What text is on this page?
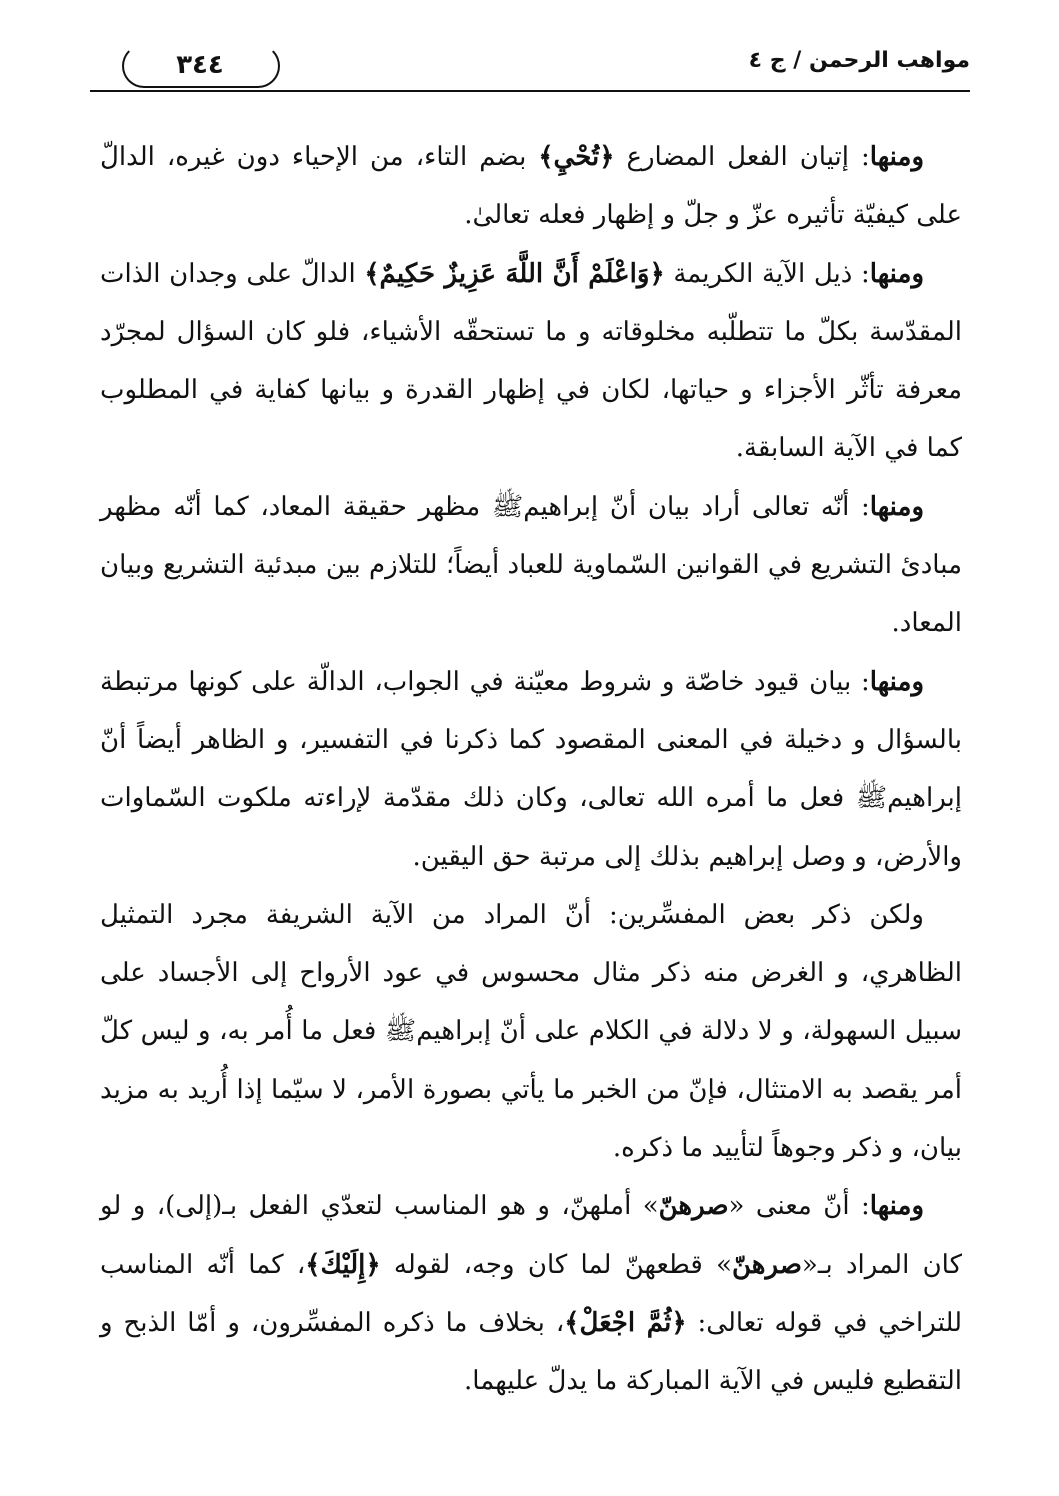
مواهب الرحمن / ج ٤
٣٤٤

ومنها: إتيان الفعل المضارع ﴿تُحْيِ﴾ بضم التاء، من الإحياء دون غيره، الدالّ على كيفيّة تأثيره عزّ و جلّ و إظهار فعله تعالىٰ.

ومنها: ذيل الآية الكريمة ﴿وَاعْلَمْ أَنَّ اللَّهَ عَزِيزٌ حَكِيمٌ﴾ الدالّ على وجدان الذات المقدّسة بكلّ ما تتطلّبه مخلوقاته و ما تستحقّه الأشياء، فلو كان السؤال لمجرّد معرفة تأثّر الأجزاء و حياتها، لكان في إظهار القدرة و بيانها كفاية في المطلوب كما في الآية السابقة.

ومنها: أنّه تعالى أراد بيان أنّ إبراهيمﷺ مظهر حقيقة المعاد، كما أنّه مظهر مبادئ التشريع في القوانين السّماوية للعباد أيضاً؛ للتلازم بين مبدئية التشريع وبيان المعاد.

ومنها: بيان قيود خاصّة و شروط معيّنة في الجواب، الدالّة على كونها مرتبطة بالسؤال و دخيلة في المعنى المقصود كما ذكرنا في التفسير، و الظاهر أيضاً أنّ إبراهيمﷺ فعل ما أمره الله تعالى، وكان ذلك مقدّمة لإراءته ملكوت السّماوات والأرض، و وصل إبراهيم بذلك إلى مرتبة حق اليقين.

ولكن ذكر بعض المفسِّرين: أنّ المراد من الآية الشريفة مجرد التمثيل الظاهري، و الغرض منه ذكر مثال محسوس في عود الأرواح إلى الأجساد على سبيل السهولة، و لا دلالة في الكلام على أنّ إبراهيمﷺ فعل ما أُمر به، و ليس كلّ أمر يقصد به الامتثال، فإنّ من الخبر ما يأتي بصورة الأمر، لا سيّما إذا أُريد به مزيد بيان، و ذكر وجوهاً لتأييد ما ذكره.

ومنها: أنّ معنى «صرهنّ» أملهنّ، و هو المناسب لتعدّي الفعل بـ(إلى)، و لو كان المراد بـ«صرهنّ» قطعهنّ لما كان وجه، لقوله ﴿إِلَيْكَ﴾، كما أنّه المناسب للتراخي في قوله تعالى: ﴿ثُمَّ اجْعَلْ﴾، بخلاف ما ذكره المفسِّرون، و أمّا الذبح و التقطيع فليس في الآية المباركة ما يدلّ عليهما.
